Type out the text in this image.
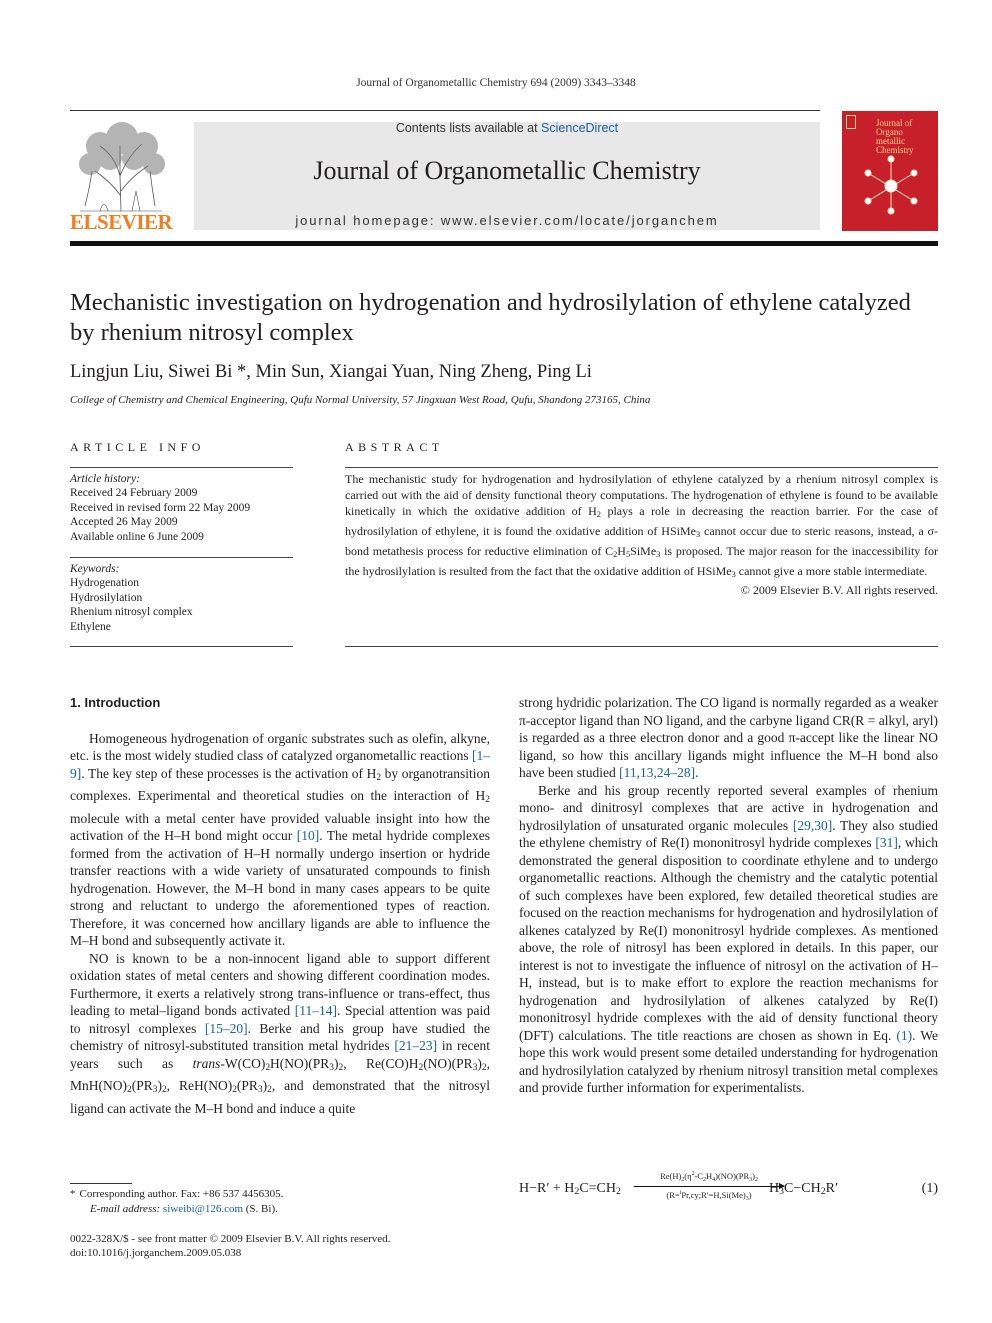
Journal of Organometallic Chemistry 694 (2009) 3343–3348
ELSEVIER
Contents lists available at ScienceDirect
Journal of Organometallic Chemistry
journal homepage: www.elsevier.com/locate/jorganchem
Journal of Organo metallic Chemistry
Mechanistic investigation on hydrogenation and hydrosilylation of ethylene catalyzed by rhenium nitrosyl complex
Lingjun Liu, Siwei Bi *, Min Sun, Xiangai Yuan, Ning Zheng, Ping Li
College of Chemistry and Chemical Engineering, Qufu Normal University, 57 Jingxuan West Road, Qufu, Shandong 273165, China
ARTICLE INFO
Article history:
Received 24 February 2009
Received in revised form 22 May 2009
Accepted 26 May 2009
Available online 6 June 2009
Keywords:
Hydrogenation
Hydrosilylation
Rhenium nitrosyl complex
Ethylene
ABSTRACT
The mechanistic study for hydrogenation and hydrosilylation of ethylene catalyzed by a rhenium nitrosyl complex is carried out with the aid of density functional theory computations. The hydrogenation of ethylene is found to be available kinetically in which the oxidative addition of $H_2$ plays a role in decreasing the reaction barrier. For the case of hydrosilylation of ethylene, it is found the oxidative addition of HSiMe$_3$ cannot occur due to steric reasons, instead, a σ-bond metathesis process for reductive elimination of $C_2H_5SiMe_3$ is proposed. The major reason for the inaccessibility for the hydrosilylation is resulted from the fact that the oxidative addition of HSiMe$_3$ cannot give a more stable intermediate.
© 2009 Elsevier B.V. All rights reserved.
1. Introduction

Homogeneous hydrogenation of organic substrates such as olefin, alkyne, etc. is the most widely studied class of catalyzed organometallic reactions [1–9]. The key step of these processes is the activation of $H_2$ by organotransition complexes. Experimental and theoretical studies on the interaction of $H_2$ molecule with a metal center have provided valuable insight into how the activation of the H–H bond might occur [10]. The metal hydride complexes formed from the activation of H–H normally undergo insertion or hydride transfer reactions with a wide variety of unsaturated compounds to finish hydrogenation. However, the M–H bond in many cases appears to be quite strong and reluctant to undergo the aforementioned types of reaction. Therefore, it was concerned how ancillary ligands are able to influence the M–H bond and subsequently activate it.

NO is known to be a non-innocent ligand able to support different oxidation states of metal centers and showing different coordination modes. Furthermore, it exerts a relatively strong trans-influence or trans-effect, thus leading to metal–ligand bonds activated [11–14]. Special attention was paid to nitrosyl complexes [15–20]. Berke and his group have studied the chemistry of nitrosyl-substituted transition metal hydrides [21–23] in recent years such as trans-$W(CO)_2H(NO)(PR_3)_2$, $Re(CO)H_2(NO)(PR_3)_2$, $MnH(NO)_2(PR_3)_2$, $ReH(NO)_2(PR_3)_2$, and demonstrated that the nitrosyl ligand can activate the M–H bond and induce a quite

* Corresponding author. Fax: +86 537 4456305.
E-mail address: siweibi@126.com (S. Bi).
0022-328X/$ - see front matter © 2009 Elsevier B.V. All rights reserved.
doi:10.1016/j.jorganchem.2009.05.038

strong hydridic polarization. The CO ligand is normally regarded as a weaker π-acceptor ligand than NO ligand, and the carbyne ligand CR(R = alkyl, aryl) is regarded as a three electron donor and a good π-accept like the linear NO ligand, so how this ancillary ligands might influence the M–H bond also have been studied [11,13,24–28].

Berke and his group recently reported several examples of rhenium mono- and dinitrosyl complexes that are active in hydrogenation and hydrosilylation of unsaturated organic molecules [29,30]. They also studied the ethylene chemistry of Re(I) mononitrosyl hydride complexes [31], which demonstrated the general disposition to coordinate ethylene and to undergo organometallic reactions. Although the chemistry and the catalytic potential of such complexes have been explored, few detailed theoretical studies are focused on the reaction mechanisms for hydrogenation and hydrosilylation of alkenes catalyzed by Re(I) mononitrosyl hydride complexes. As mentioned above, the role of nitrosyl has been explored in details. In this paper, our interest is not to investigate the influence of nitrosyl on the activation of H–H, instead, but is to make effort to explore the reaction mechanisms for hydrogenation and hydrosilylation of alkenes catalyzed by Re(I) mononitrosyl hydride complexes with the aid of density functional theory (DFT) calculations. The title reactions are chosen as shown in Eq. (1). We hope this work would present some detailed understanding for hydrogenation and hydrosilylation catalyzed by rhenium nitrosyl transition metal complexes and provide further information for experimentalists.

$H-R' + H_2C=CH_2$
$Re(H)_2(\eta^2-C_2H_4)(NO)(PR_3)_2$
$(R=^iPr,cy;R'=H,Si(Me)_3)$	$H_3C-CH_2R'$	(1)
